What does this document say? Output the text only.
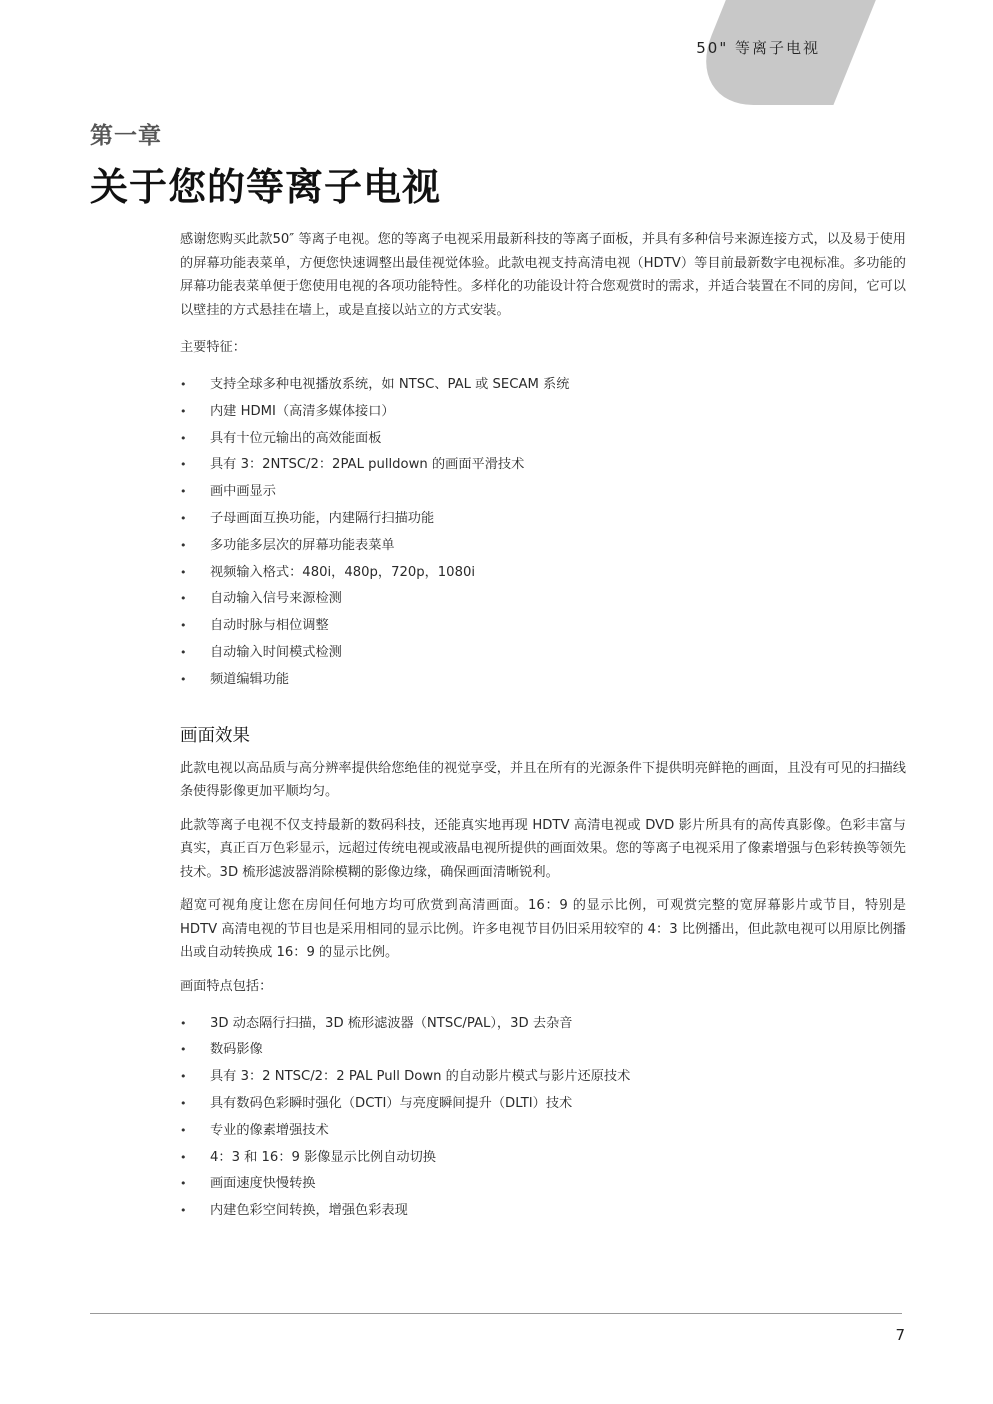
50" 等离子电视
第一章
关于您的等离子电视

感谢您购买此款50″ 等离子电视。您的等离子电视采用最新科技的等离子面板，并具有多种信号来源连接方式，以及易于使用的屏幕功能表菜单，方便您快速调整出最佳视觉体验。此款电视支持高清电视（HDTV）等目前最新数字电视标准。多功能的屏幕功能表菜单便于您使用电视的各项功能特性。多样化的功能设计符合您观赏时的需求，并适合装置在不同的房间，它可以以壁挂的方式悬挂在墙上，或是直接以站立的方式安装。

主要特征：

• 支持全球多种电视播放系统，如 NTSC、PAL 或 SECAM 系统
• 内建 HDMI（高清多媒体接口）
• 具有十位元输出的高效能面板
• 具有 3：2NTSC/2：2PAL pulldown 的画面平滑技术
• 画中画显示
• 子母画面互换功能，内建隔行扫描功能
• 多功能多层次的屏幕功能表菜单
• 视频输入格式：480i，480p，720p，1080i
• 自动输入信号来源检测
• 自动时脉与相位调整
• 自动输入时间模式检测
• 频道编辑功能
画面效果

此款电视以高品质与高分辨率提供给您绝佳的视觉享受，并且在所有的光源条件下提供明亮鲜艳的画面，且没有可见的扫描线条使得影像更加平顺均匀。

此款等离子电视不仅支持最新的数码科技，还能真实地再现 HDTV 高清电视或 DVD 影片所具有的高传真影像。色彩丰富与真实，真正百万色彩显示，远超过传统电视或液晶电视所提供的画面效果。您的等离子电视采用了像素增强与色彩转换等领先技术。3D 梳形滤波器消除模糊的影像边缘，确保画面清晰锐利。

超宽可视角度让您在房间任何地方均可欣赏到高清画面。16：9 的显示比例，可观赏完整的宽屏幕影片或节目，特别是 HDTV 高清电视的节目也是采用相同的显示比例。许多电视节目仍旧采用较窄的 4：3 比例播出，但此款电视可以用原比例播出或自动转换成 16：9 的显示比例。

画面特点包括：

• 3D 动态隔行扫描，3D 梳形滤波器（NTSC/PAL），3D 去杂音
• 数码影像
• 具有 3：2 NTSC/2：2 PAL Pull Down 的自动影片模式与影片还原技术
• 具有数码色彩瞬时强化（DCTI）与亮度瞬间提升（DLTI）技术
• 专业的像素增强技术
• 4：3 和 16：9 影像显示比例自动切换
• 画面速度快慢转换
• 内建色彩空间转换，增强色彩表现
7
